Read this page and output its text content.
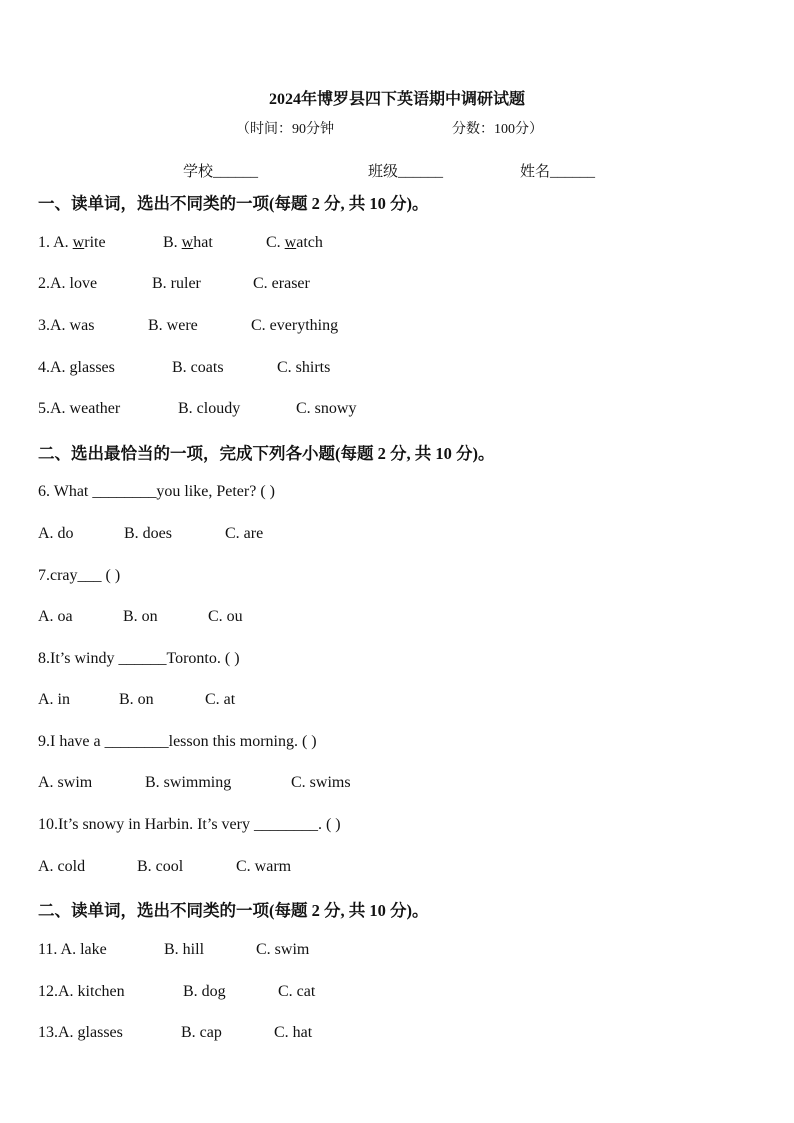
2024年博罗县四下英语期中调研试题
（时间：90分钟	分数：100分）
学校______	班级______	姓名______
一、读单词，选出不同类的一项(每题 2 分, 共 10 分)。
1. A. write	B. what	C. watch
2.A. love	B. ruler	C. eraser
3.A. was	B. were	C. everything
4.A. glasses	B. coats	C. shirts
5.A. weather	B. cloudy	C. snowy
二、选出最恰当的一项，完成下列各小题(每题 2 分, 共 10 分)。
6. What ________you like, Peter? ( )
A. do	B. does	C. are
7.cray___ ( )
A. oa	B. on	C. ou
8.It’s windy ______Toronto. ( )
A. in	B. on	C. at
9.I have a ________lesson this morning. ( )
A. swim	B. swimming	C. swims
10.It’s snowy in Harbin. It’s very ________. ( )
A. cold	B. cool	C. warm
二、读单词，选出不同类的一项(每题 2 分, 共 10 分)。
11. A. lake	B. hill	C. swim
12.A. kitchen	B. dog	C. cat
13.A. glasses	B. cap	C. hat
